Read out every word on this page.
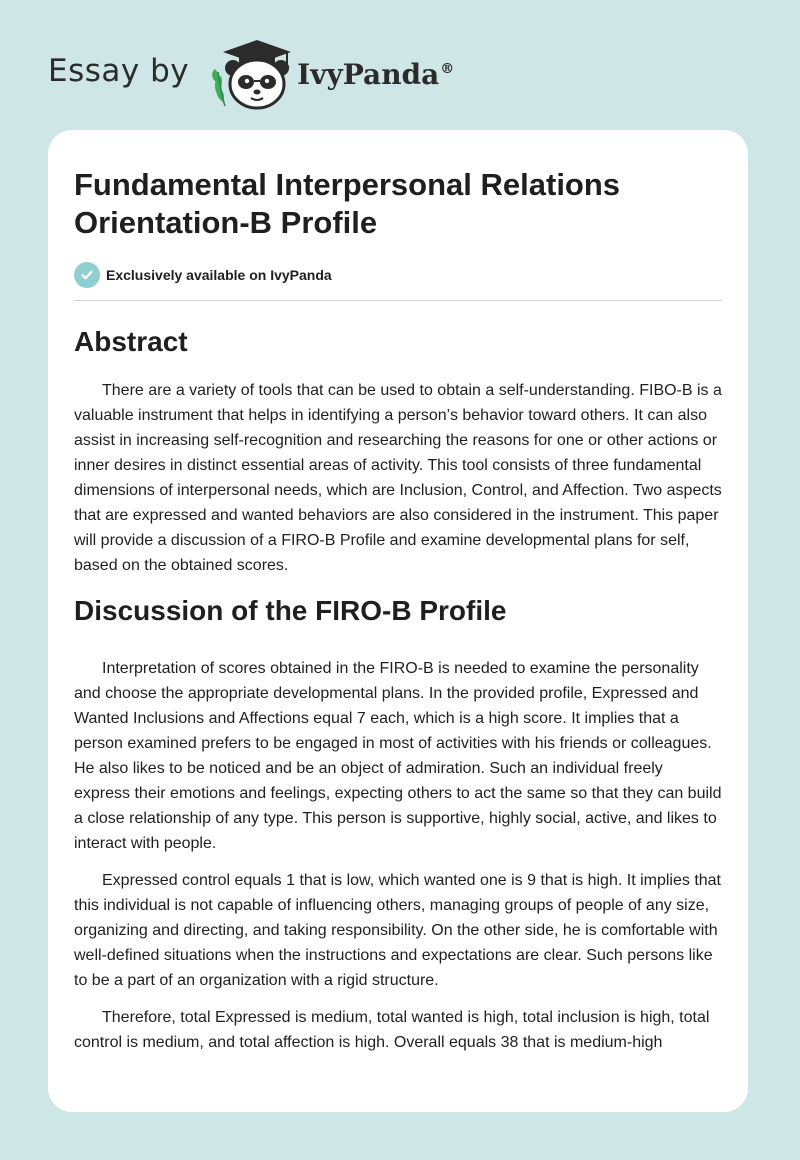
Essay by	IvyPanda®
Fundamental Interpersonal Relations Orientation-B Profile
Exclusively available on IvyPanda
Abstract

There are a variety of tools that can be used to obtain a self-understanding. FIBO-B is a valuable instrument that helps in identifying a person’s behavior toward others. It can also assist in increasing self-recognition and researching the reasons for one or other actions or inner desires in distinct essential areas of activity. This tool consists of three fundamental dimensions of interpersonal needs, which are Inclusion, Control, and Affection. Two aspects that are expressed and wanted behaviors are also considered in the instrument. This paper will provide a discussion of a FIRO-B Profile and examine developmental plans for self, based on the obtained scores.

Discussion of the FIRO-B Profile

Interpretation of scores obtained in the FIRO-B is needed to examine the personality and choose the appropriate developmental plans. In the provided profile, Expressed and Wanted Inclusions and Affections equal 7 each, which is a high score. It implies that a person examined prefers to be engaged in most of activities with his friends or colleagues. He also likes to be noticed and be an object of admiration. Such an individual freely express their emotions and feelings, expecting others to act the same so that they can build a close relationship of any type. This person is supportive, highly social, active, and likes to interact with people.

Expressed control equals 1 that is low, which wanted one is 9 that is high. It implies that this individual is not capable of influencing others, managing groups of people of any size, organizing and directing, and taking responsibility. On the other side, he is comfortable with well-defined situations when the instructions and expectations are clear. Such persons like to be a part of an organization with a rigid structure.

Therefore, total Expressed is medium, total wanted is high, total inclusion is high, total control is medium, and total affection is high. Overall equals 38 that is medium-high
